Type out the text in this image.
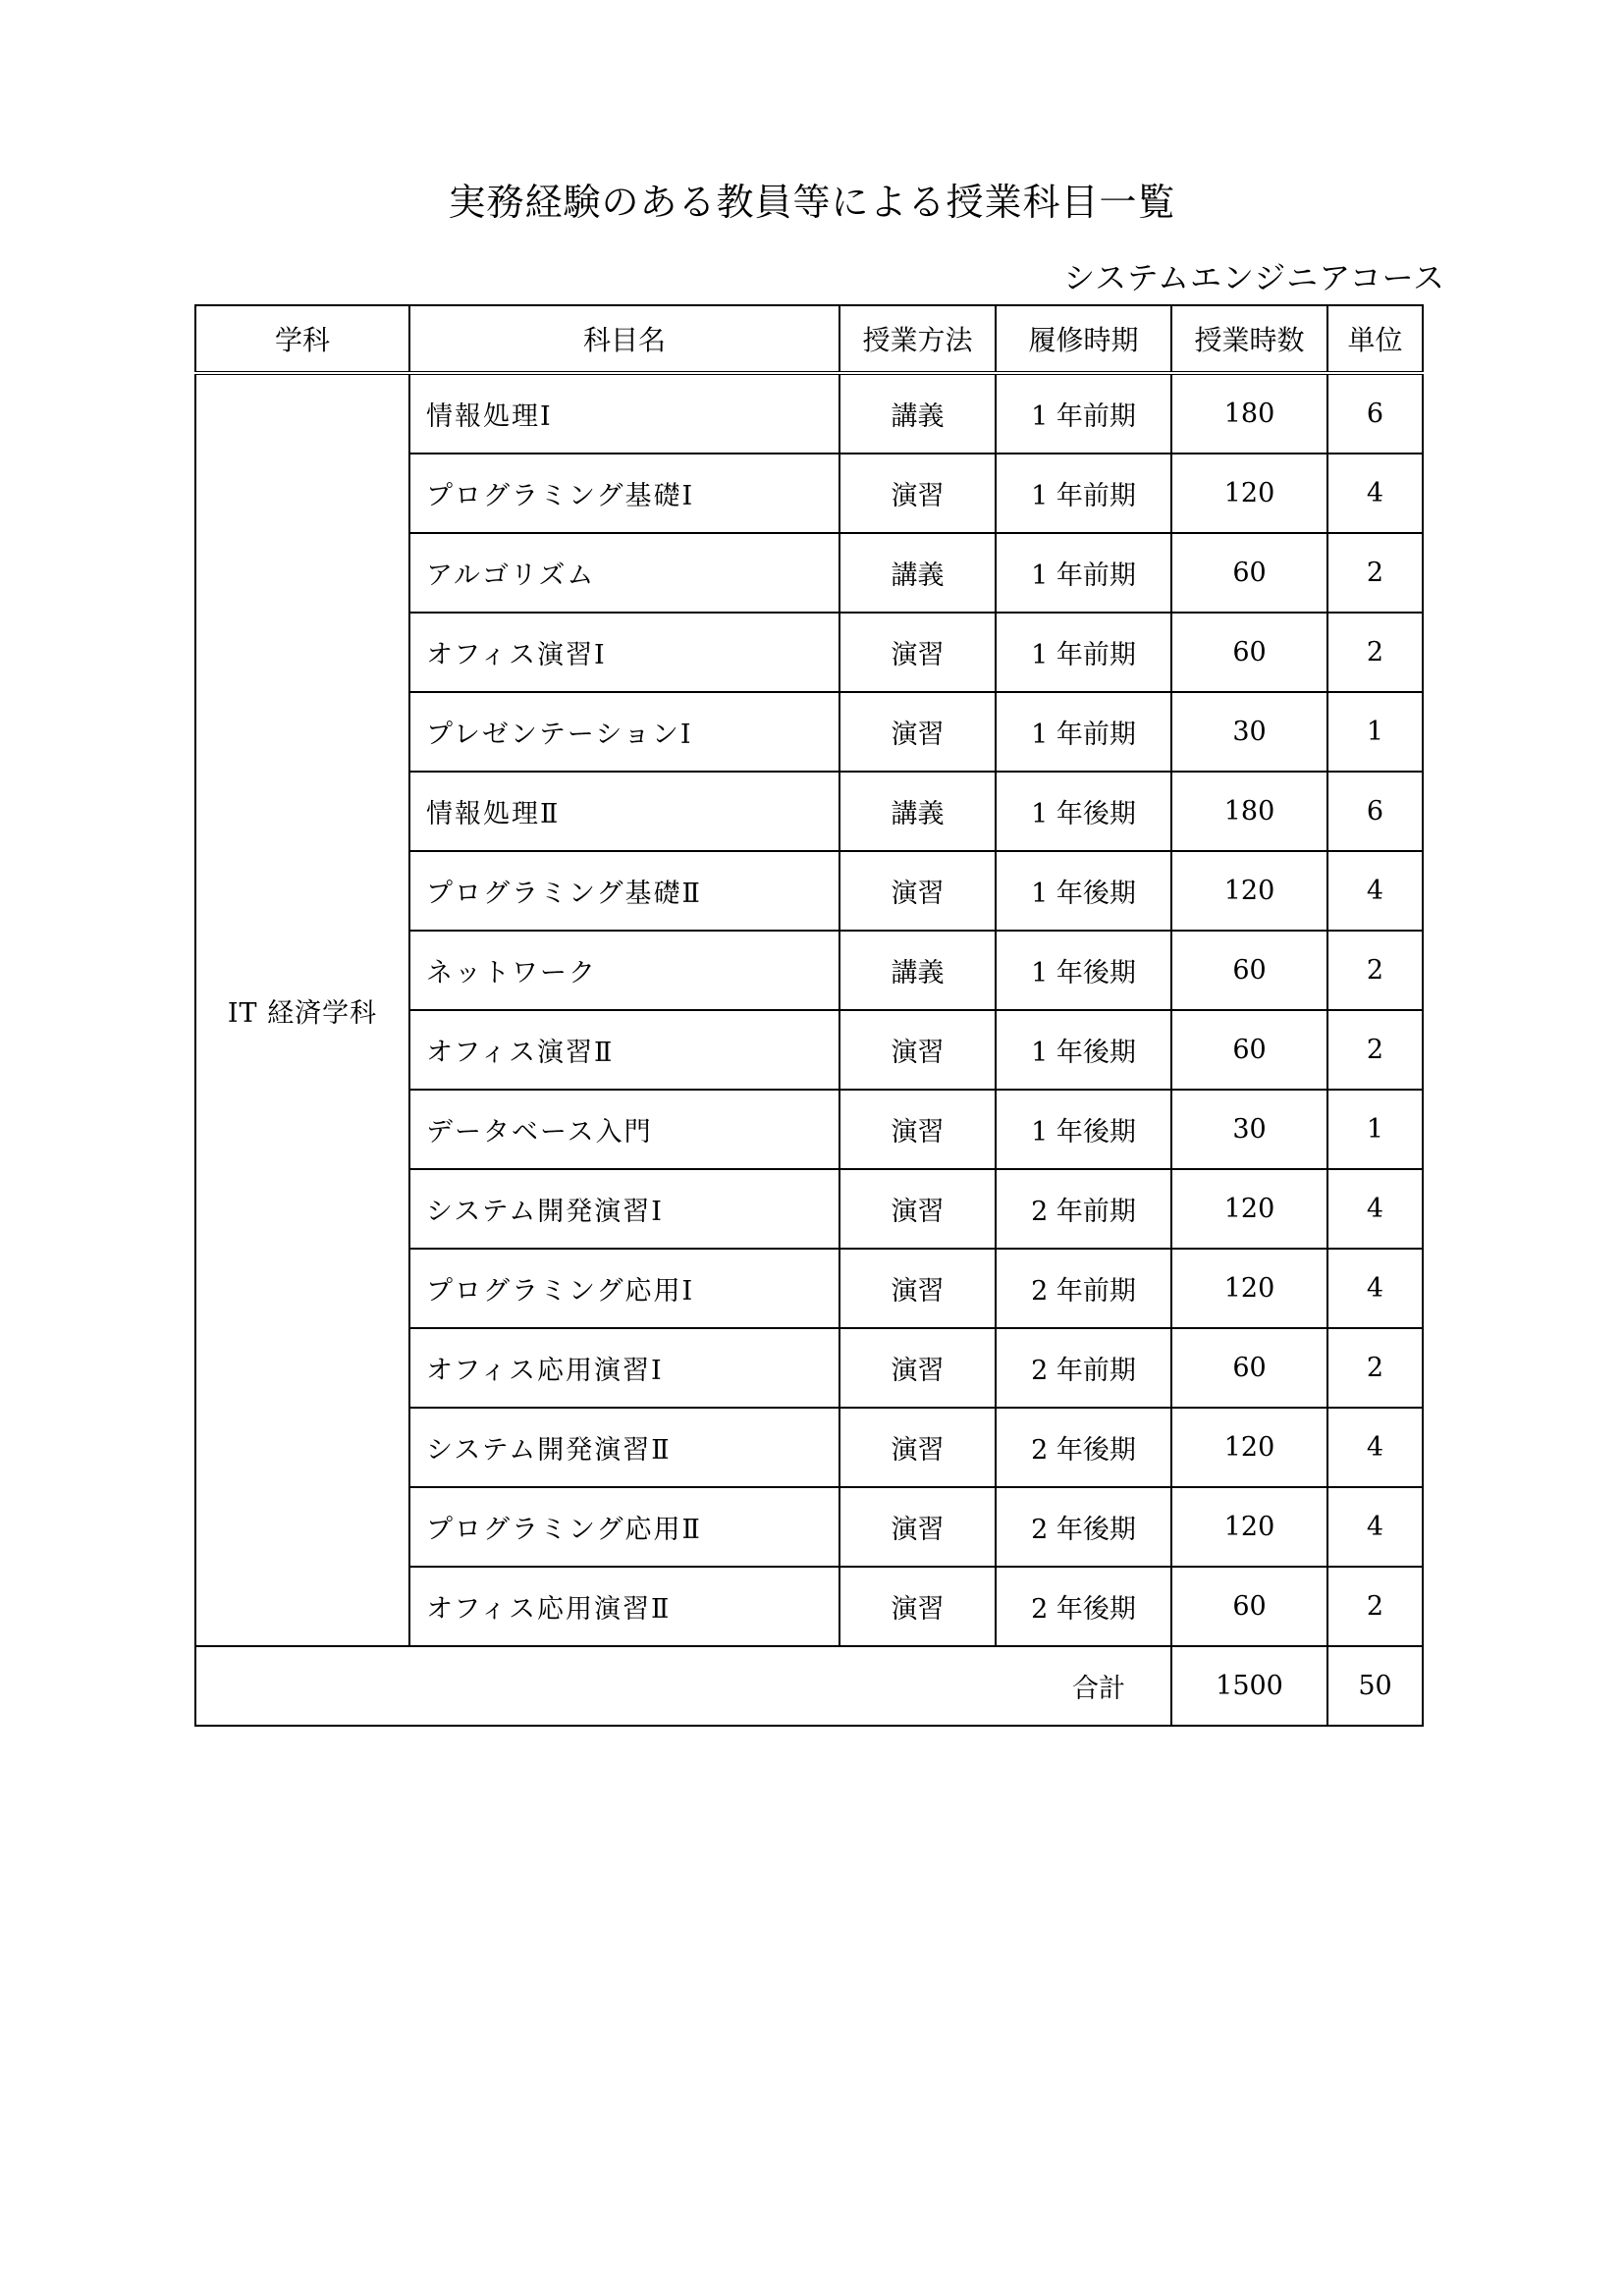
実務経験のある教員等による授業科目一覧
システムエンジニアコース
学科	科目名	授業方法	履修時期	授業時数	単位
IT 経済学科	情報処理Ⅰ	講義	1 年前期	180	6
	プログラミング基礎Ⅰ	演習	1 年前期	120	4
	アルゴリズム	講義	1 年前期	60	2
	オフィス演習Ⅰ	演習	1 年前期	60	2
	プレゼンテーションⅠ	演習	1 年前期	30	1
	情報処理Ⅱ	講義	1 年後期	180	6
	プログラミング基礎Ⅱ	演習	1 年後期	120	4
	ネットワーク	講義	1 年後期	60	2
	オフィス演習Ⅱ	演習	1 年後期	60	2
	データベース入門	演習	1 年後期	30	1
	システム開発演習Ⅰ	演習	2 年前期	120	4
	プログラミング応用Ⅰ	演習	2 年前期	120	4
	オフィス応用演習Ⅰ	演習	2 年前期	60	2
	システム開発演習Ⅱ	演習	2 年後期	120	4
	プログラミング応用Ⅱ	演習	2 年後期	120	4
	オフィス応用演習Ⅱ	演習	2 年後期	60	2
合計				1500	50
